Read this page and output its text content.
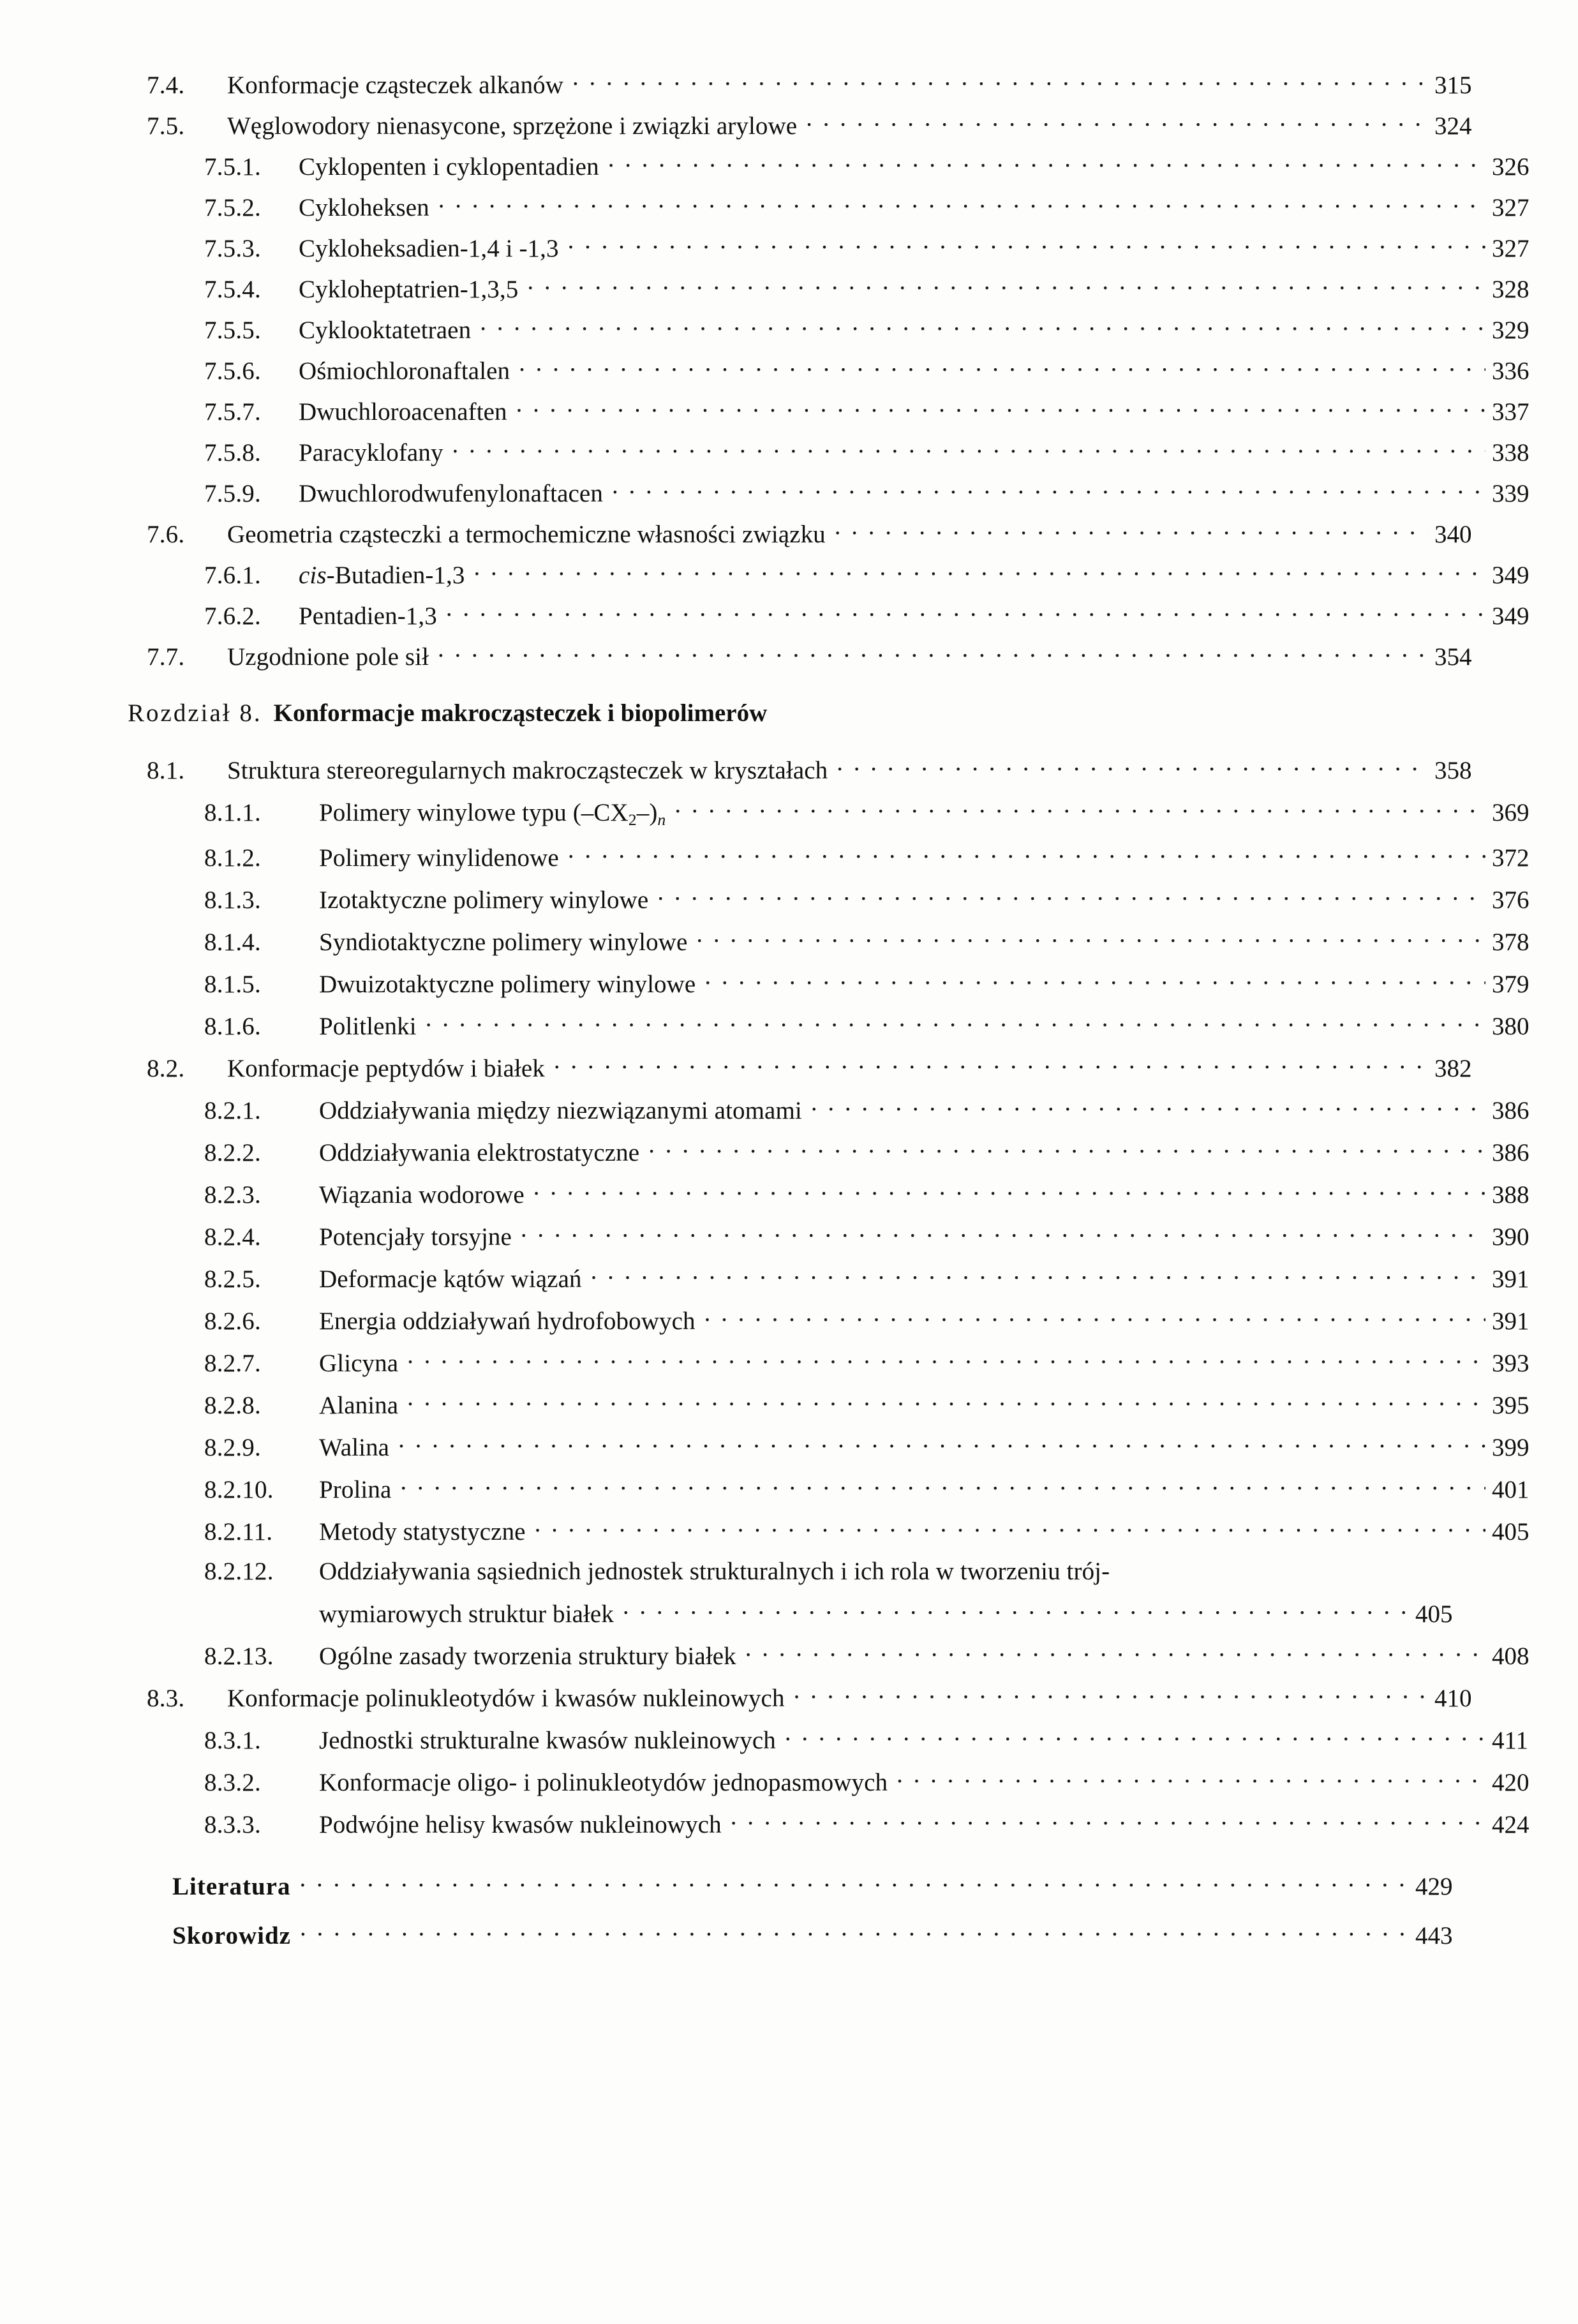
7.4.	Konformacje cząsteczek alkanów . . .	315
7.5.	Węglowodory nienasycone, sprzężone i związki arylowe . . .	324
7.5.1.	Cyklopenten i cyklopentadien . . .	326
7.5.2.	Cykloheksen . . .	327
7.5.3.	Cykloheksadien-1,4 i -1,3 . . .	327
7.5.4.	Cykloheptatrien-1,3,5 . . .	328
7.5.5.	Cyklooktatetraen . . .	329
7.5.6.	Ośmiochloronaftalen . . .	336
7.5.7.	Dwuchloroacenaften . . .	337
7.5.8.	Paracyklofany . . .	338
7.5.9.	Dwuchlorodwufenylonaftacen . . .	339
7.6.	Geometria cząsteczki a termochemiczne własności związku . . .	340
7.6.1.	cis-Butadien-1,3 . . .	349
7.6.2.	Pentadien-1,3 . . .	349
7.7.	Uzgodnione pole sił . . .	354
Rozdział 8. Konformacje makrocząsteczek i biopolimerów
8.1.	Struktura stereoregularnych makrocząsteczek w kryształach . . .	358
8.1.1.	Polimery winylowe typu $(-CX_2-)_n$ . . .	369
8.1.2.	Polimery winylidenowe . . .	372
8.1.3.	Izotaktyczne polimery winylowe . . .	376
8.1.4.	Syndiotaktyczne polimery winylowe . . .	378
8.1.5.	Dwuizotaktyczne polimery winylowe . . .	379
8.1.6.	Politlenki . . .	380
8.2.	Konformacje peptydów i białek . . .	382
8.2.1.	Oddziaływania między niezwiązanymi atomami . . .	386
8.2.2.	Oddziaływania elektrostatyczne . . .	386
8.2.3.	Wiązania wodorowe . . .	388
8.2.4.	Potencjały torsyjne . . .	390
8.2.5.	Deformacje kątów wiązań . . .	391
8.2.6.	Energia oddziaływań hydrofobowych . . .	391
8.2.7.	Glicyna . . .	393
8.2.8.	Alanina . . .	395
8.2.9.	Walina . . .	399
8.2.10.	Prolina . . .	401
8.2.11.	Metody statystyczne . . .	405
8.2.12.	Oddziaływania sąsiednich jednostek strukturalnych i ich rola w tworzeniu trój-
wymiarowych struktur białek . . .	405
8.2.13.	Ogólne zasady tworzenia struktury białek . . .	408
8.3.	Konformacje polinukleotydów i kwasów nukleinowych . . .	410
8.3.1.	Jednostki strukturalne kwasów nukleinowych . . .	411
8.3.2.	Konformacje oligo- i polinukleotydów jednopasmowych . . .	420
8.3.3.	Podwójne helisy kwasów nukleinowych . . .	424
Literatura . . .	429
Skorowidz . . .	443
